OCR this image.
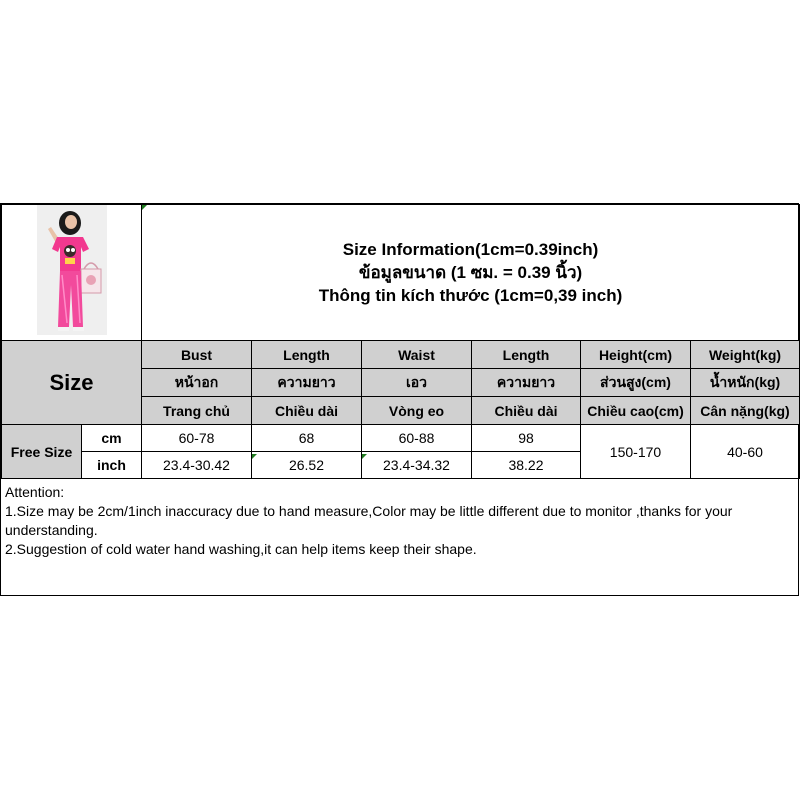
Size Information(1cm=0.39inch)
ข้อมูลขนาด (1 ซม. = 0.39 นิ้ว)
Thông tin kích thước (1cm=0,39 inch)					

Size		Bust	Length	Waist	Length	Height(cm)	Weight(kg)
		หน้าอก	ความยาว	เอว	ความยาว	ส่วนสูง(cm)	น้ำหนัก(kg)
		Trang chủ	Chiều dài	Vòng eo	Chiều dài	Chiều cao(cm)	Cân nặng(kg)
Free Size	cm	60-78	68	60-88	98	150-170	40-60
	inch	23.4-30.42	26.52	23.4-34.32	38.22		
Attention:
1.Size may be 2cm/1inch inaccuracy due to hand measure,Color may be little different due to monitor ,thanks for your understanding.
2.Suggestion of cold water hand washing,it can help items keep their shape.
